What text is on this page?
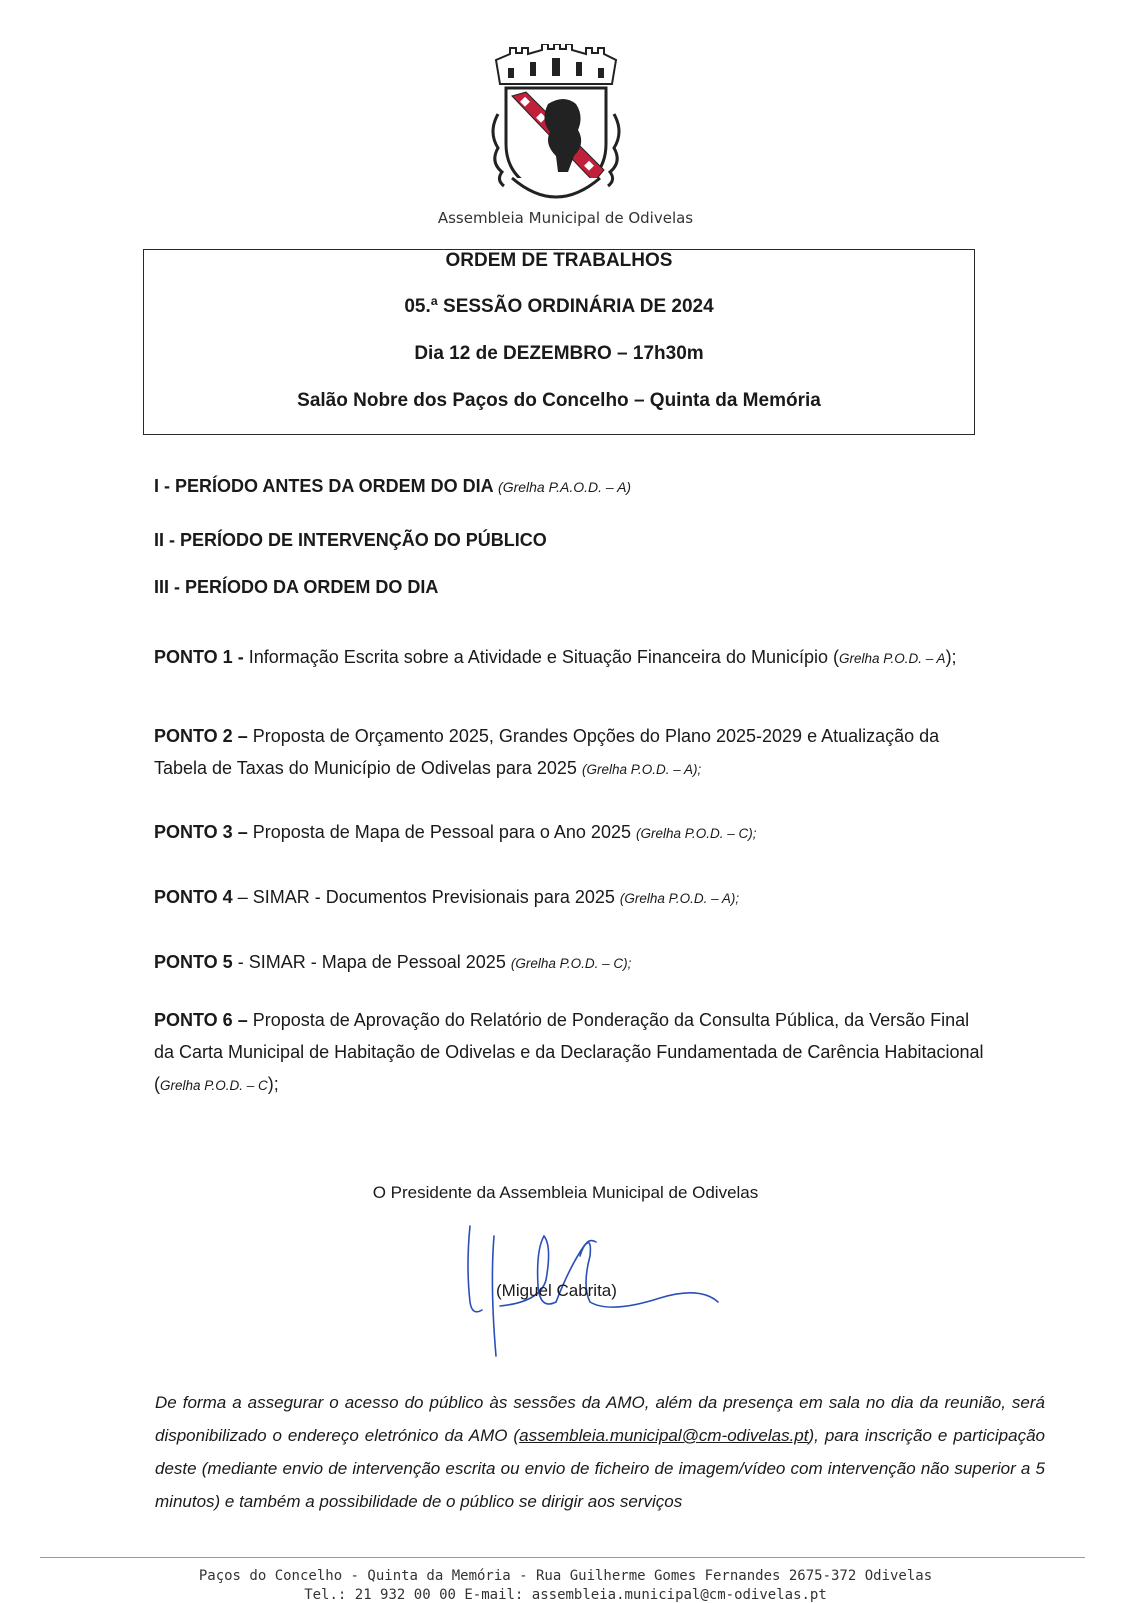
Assembleia Municipal de Odivelas
ORDEM DE TRABALHOS
05.ª SESSÃO ORDINÁRIA DE 2024
Dia 12 de DEZEMBRO – 17h30m
Salão Nobre dos Paços do Concelho – Quinta da Memória
I - PERÍODO ANTES DA ORDEM DO DIA (Grelha P.A.O.D. – A)
II - PERÍODO DE INTERVENÇÃO DO PÚBLICO
III - PERÍODO DA ORDEM DO DIA
PONTO 1 - Informação Escrita sobre a Atividade e Situação Financeira do Município (Grelha P.O.D. – A);
PONTO 2 – Proposta de Orçamento 2025, Grandes Opções do Plano 2025-2029 e Atualização da Tabela de Taxas do Município de Odivelas para 2025 (Grelha P.O.D. – A);
PONTO 3 – Proposta de Mapa de Pessoal para o Ano 2025 (Grelha P.O.D. – C);
PONTO 4 – SIMAR - Documentos Previsionais para 2025 (Grelha P.O.D. – A);
PONTO 5 - SIMAR - Mapa de Pessoal 2025 (Grelha P.O.D. – C);
PONTO 6 – Proposta de Aprovação do Relatório de Ponderação da Consulta Pública, da Versão Final da Carta Municipal de Habitação de Odivelas e da Declaração Fundamentada de Carência Habitacional (Grelha P.O.D. – C);
O Presidente da Assembleia Municipal de Odivelas
(Miguel Cabrita)
De forma a assegurar o acesso do público às sessões da AMO, além da presença em sala no dia da reunião, será disponibilizado o endereço eletrónico da AMO (assembleia.municipal@cm-odivelas.pt), para inscrição e participação deste (mediante envio de intervenção escrita ou envio de ficheiro de imagem/vídeo com intervenção não superior a 5 minutos) e também a possibilidade de o público se dirigir aos serviços
Paços do Concelho - Quinta da Memória - Rua Guilherme Gomes Fernandes 2675-372 Odivelas
Tel.: 21 932 00 00 E-mail: assembleia.municipal@cm-odivelas.pt
